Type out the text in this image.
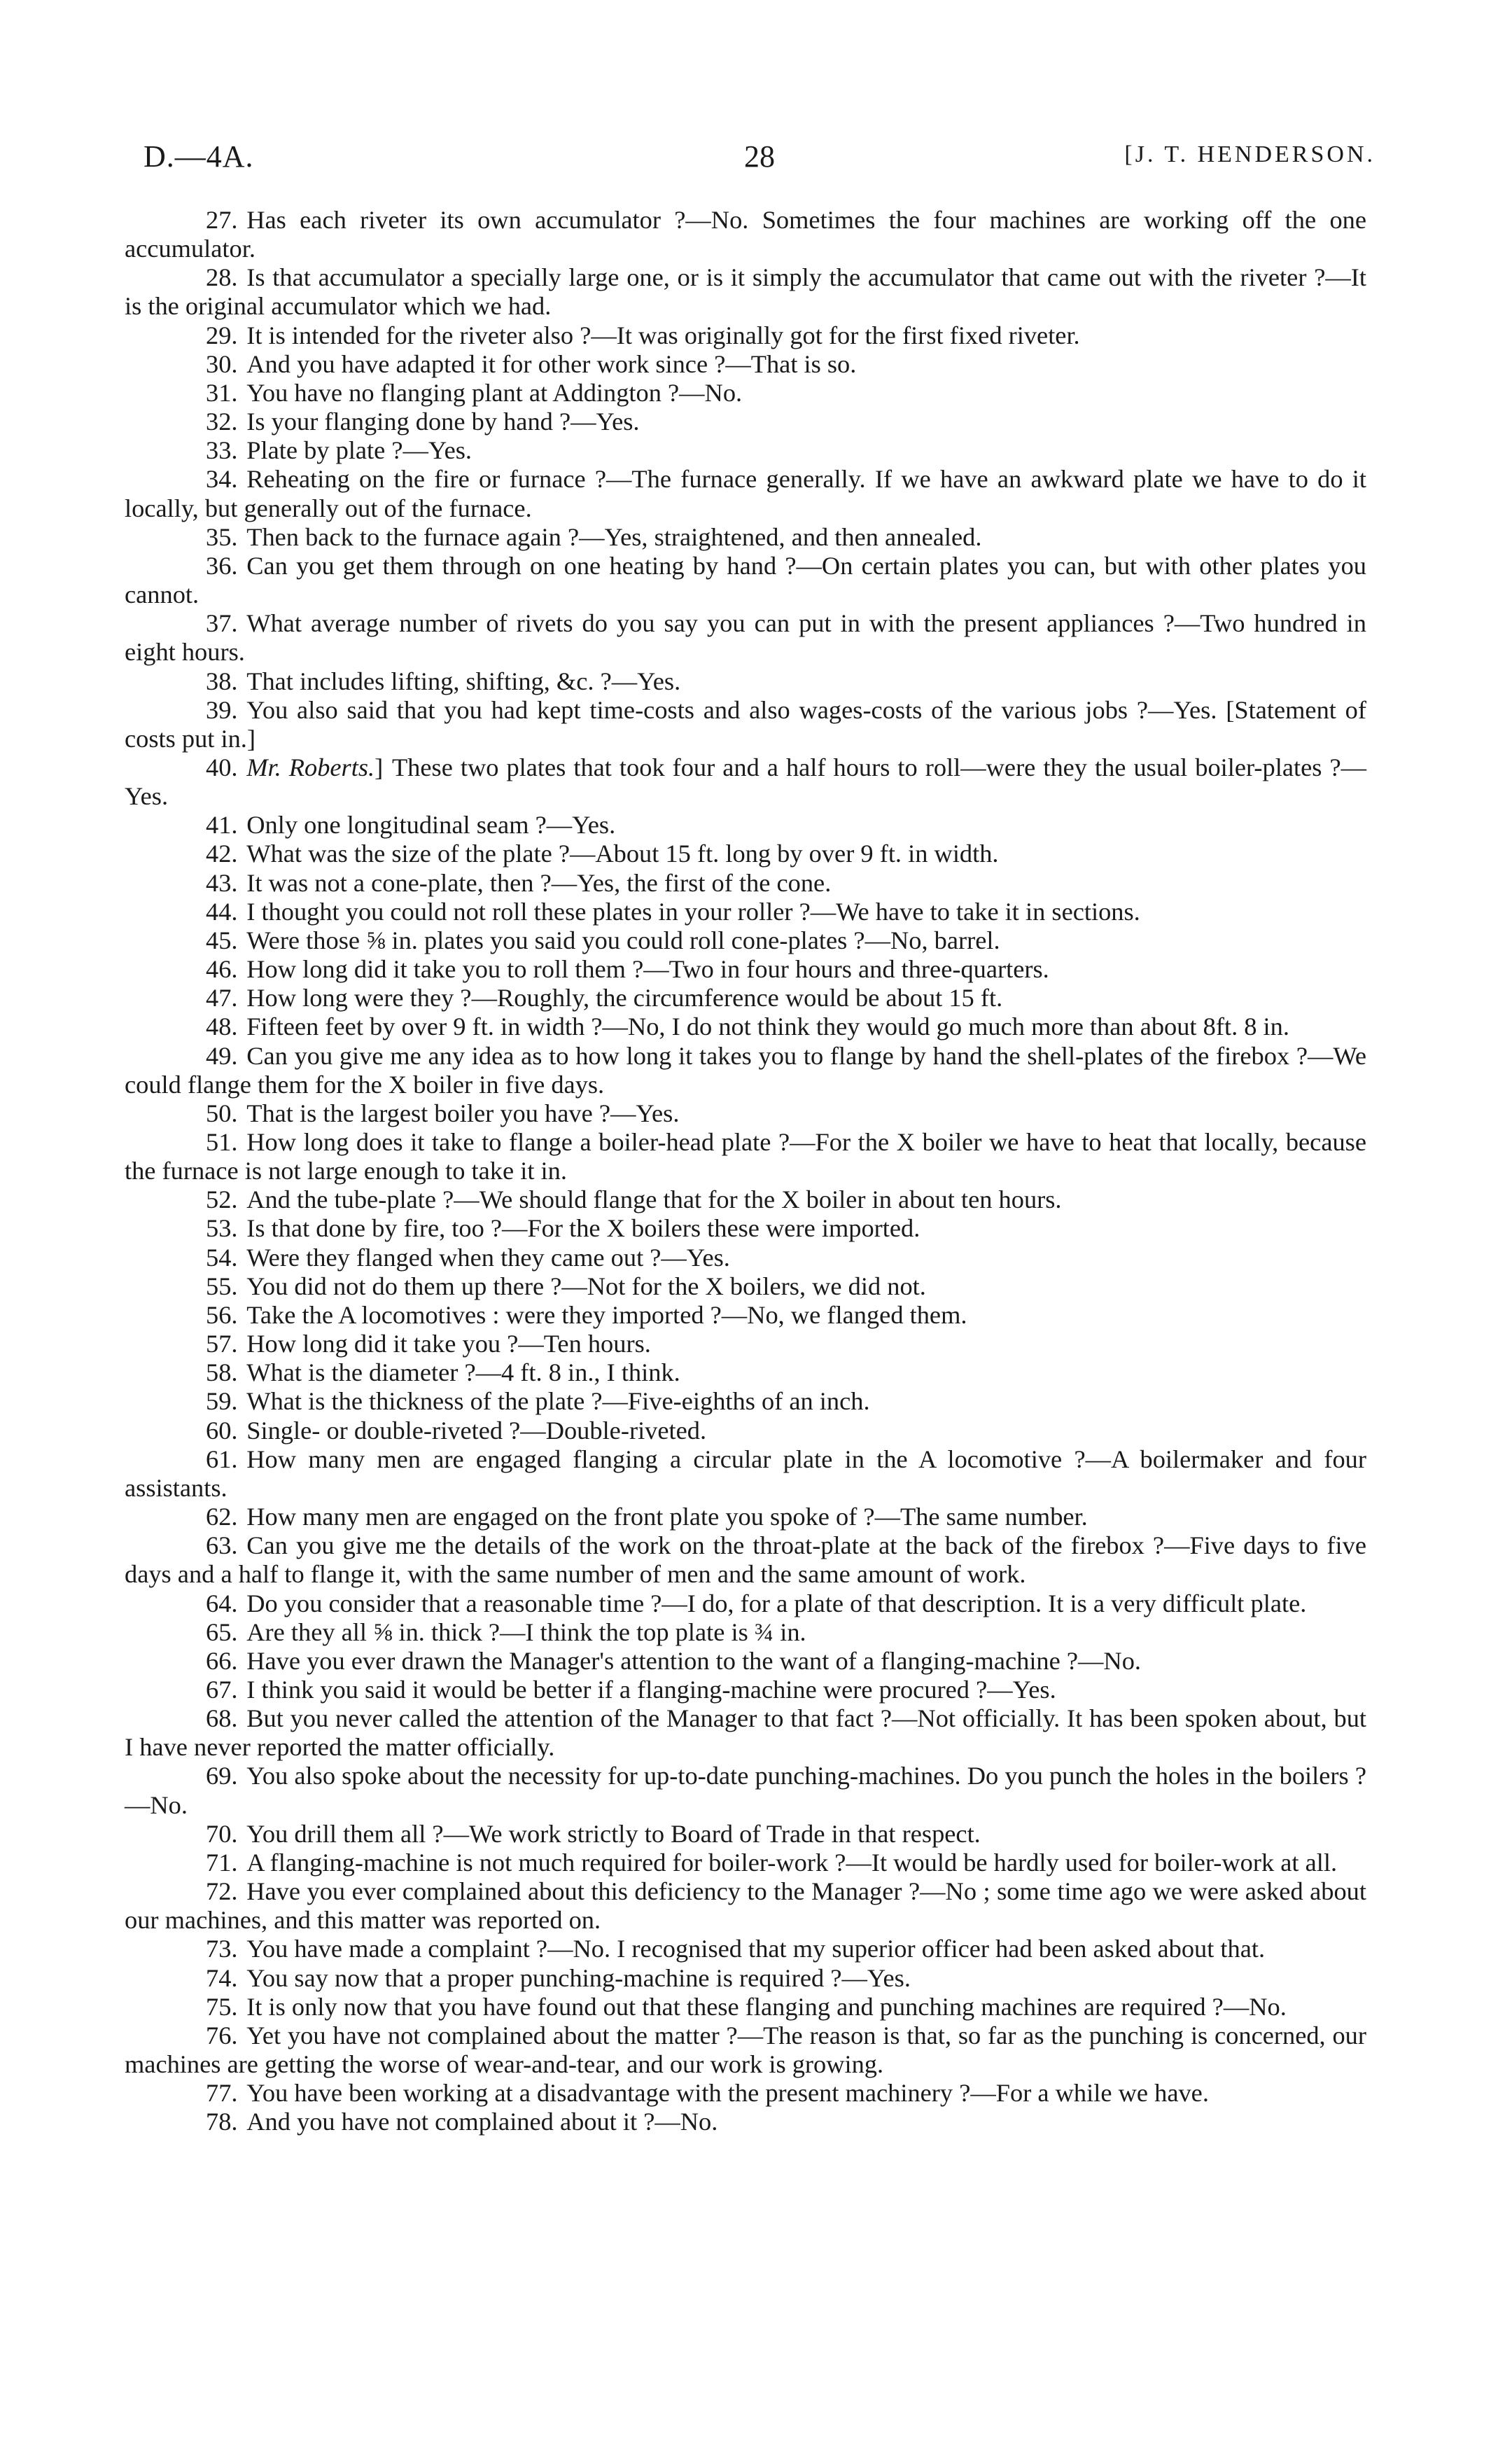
D.—4A.	28	[J. T. HENDERSON.

27. Has each riveter its own accumulator ?—No. Sometimes the four machines are working off the one accumulator.

28. Is that accumulator a specially large one, or is it simply the accumulator that came out with the riveter ?—It is the original accumulator which we had.

29. It is intended for the riveter also ?—It was originally got for the first fixed riveter.

30. And you have adapted it for other work since ?—That is so.

31. You have no flanging plant at Addington ?—No.

32. Is your flanging done by hand ?—Yes.

33. Plate by plate ?—Yes.

34. Reheating on the fire or furnace ?—The furnace generally. If we have an awkward plate we have to do it locally, but generally out of the furnace.

35. Then back to the furnace again ?—Yes, straightened, and then annealed.

36. Can you get them through on one heating by hand ?—On certain plates you can, but with other plates you cannot.

37. What average number of rivets do you say you can put in with the present appliances ?—Two hundred in eight hours.

38. That includes lifting, shifting, &c. ?—Yes.

39. You also said that you had kept time-costs and also wages-costs of the various jobs ?—Yes. [Statement of costs put in.]

40. Mr. Roberts.] These two plates that took four and a half hours to roll—were they the usual boiler-plates ?—Yes.

41. Only one longitudinal seam ?—Yes.

42. What was the size of the plate ?—About 15 ft. long by over 9 ft. in width.

43. It was not a cone-plate, then ?—Yes, the first of the cone.

44. I thought you could not roll these plates in your roller ?—We have to take it in sections.

45. Were those ⅝ in. plates you said you could roll cone-plates ?—No, barrel.

46. How long did it take you to roll them ?—Two in four hours and three-quarters.

47. How long were they ?—Roughly, the circumference would be about 15 ft.

48. Fifteen feet by over 9 ft. in width ?—No, I do not think they would go much more than about 8ft. 8 in.

49. Can you give me any idea as to how long it takes you to flange by hand the shell-plates of the firebox ?—We could flange them for the X boiler in five days.

50. That is the largest boiler you have ?—Yes.

51. How long does it take to flange a boiler-head plate ?—For the X boiler we have to heat that locally, because the furnace is not large enough to take it in.

52. And the tube-plate ?—We should flange that for the X boiler in about ten hours.

53. Is that done by fire, too ?—For the X boilers these were imported.

54. Were they flanged when they came out ?—Yes.

55. You did not do them up there ?—Not for the X boilers, we did not.

56. Take the A locomotives : were they imported ?—No, we flanged them.

57. How long did it take you ?—Ten hours.

58. What is the diameter ?—4 ft. 8 in., I think.

59. What is the thickness of the plate ?—Five-eighths of an inch.

60. Single- or double-riveted ?—Double-riveted.

61. How many men are engaged flanging a circular plate in the A locomotive ?—A boilermaker and four assistants.

62. How many men are engaged on the front plate you spoke of ?—The same number.

63. Can you give me the details of the work on the throat-plate at the back of the firebox ?—Five days to five days and a half to flange it, with the same number of men and the same amount of work.

64. Do you consider that a reasonable time ?—I do, for a plate of that description. It is a very difficult plate.

65. Are they all ⅝ in. thick ?—I think the top plate is ¾ in.

66. Have you ever drawn the Manager's attention to the want of a flanging-machine ?—No.

67. I think you said it would be better if a flanging-machine were procured ?—Yes.

68. But you never called the attention of the Manager to that fact ?—Not officially. It has been spoken about, but I have never reported the matter officially.

69. You also spoke about the necessity for up-to-date punching-machines. Do you punch the holes in the boilers ?—No.

70. You drill them all ?—We work strictly to Board of Trade in that respect.

71. A flanging-machine is not much required for boiler-work ?—It would be hardly used for boiler-work at all.

72. Have you ever complained about this deficiency to the Manager ?—No ; some time ago we were asked about our machines, and this matter was reported on.

73. You have made a complaint ?—No. I recognised that my superior officer had been asked about that.

74. You say now that a proper punching-machine is required ?—Yes.

75. It is only now that you have found out that these flanging and punching machines are required ?—No.

76. Yet you have not complained about the matter ?—The reason is that, so far as the punching is concerned, our machines are getting the worse of wear-and-tear, and our work is growing.

77. You have been working at a disadvantage with the present machinery ?—For a while we have.

78. And you have not complained about it ?—No.
